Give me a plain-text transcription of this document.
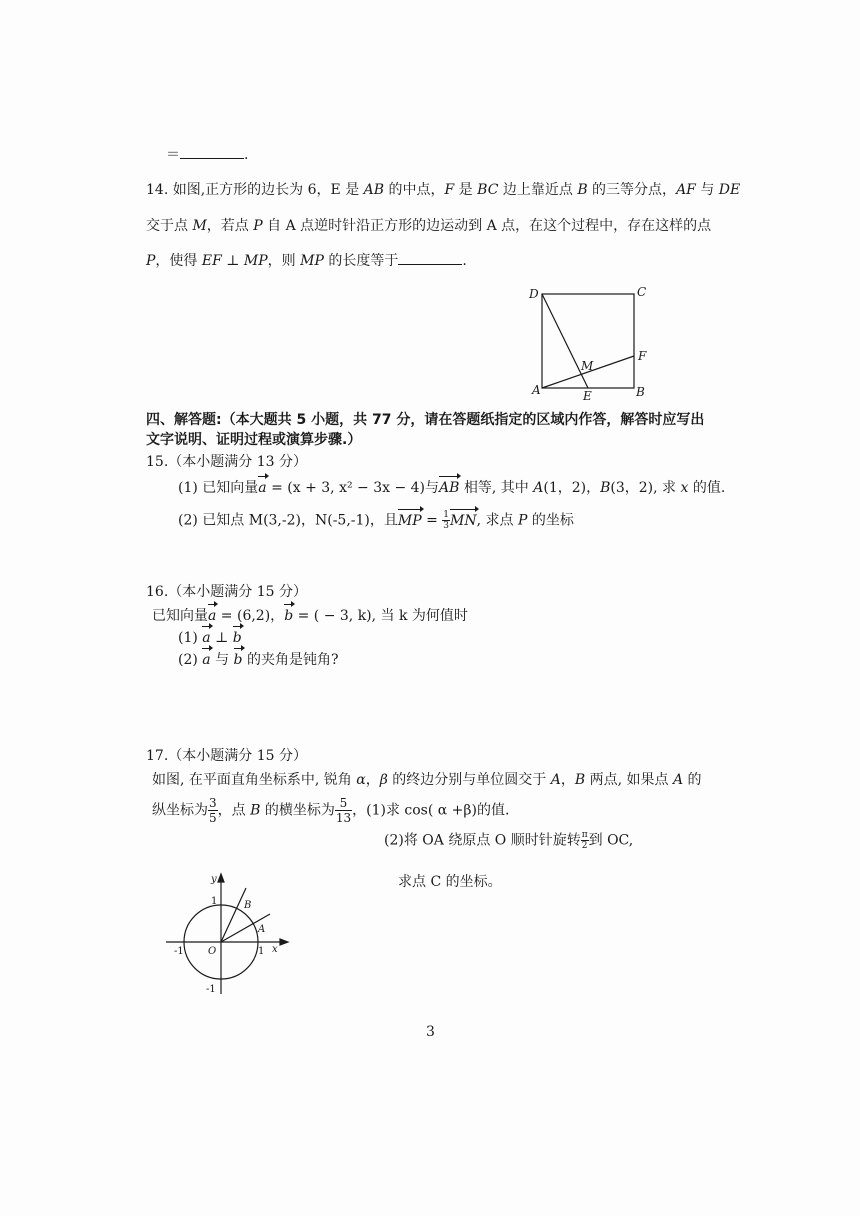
＝	.
14. 如图,正方形的边长为 6，E 是 AB 的中点，F 是 BC 边上靠近点 B 的三等分点，AF 与 DE
交于点 M，若点 P 自 A 点逆时针沿正方形的边运动到 A 点，在这个过程中，存在这样的点
P，使得 EF ⊥ MP，则 MP 的长度等于	.
D	C
M
F
A	E	B
四、解答题:（本大题共 5 小题，共 77 分，请在答题纸指定的区域内作答，解答时应写出
文字说明、证明过程或演算步骤.）
15.（本小题满分 13 分）
(1) 已知向量a = (x + 3, x² − 3x − 4)与AB 相等, 其中 A(1，2)，B(3，2), 求 x 的值.
(2) 已知点 M(3,-2)，N(-5,-1)，且MP = $\frac{1}{3}$ MN, 求点 P 的坐标
16.（本小题满分 15 分）
已知向量a = (6,2)，b = ( − 3, k), 当 k 为何值时
(1) a ⊥ b
(2) a 与 b 的夹角是钝角?
17.（本小题满分 15 分）
如图, 在平面直角坐标系中, 锐角 α，β 的终边分别与单位圆交于 A，B 两点, 如果点 A 的
纵坐标为 $\frac{3}{5}$ ，点 B 的横坐标为 $\frac{5}{13}$ ，(1)求 cos( α +β)的值.
(2)将 OA 绕原点 O 顺时针旋转 $\frac{\pi}{2}$ 到 OC,
求点 C 的坐标。
y
1
-1 O	1 x
-1
B
A
3
